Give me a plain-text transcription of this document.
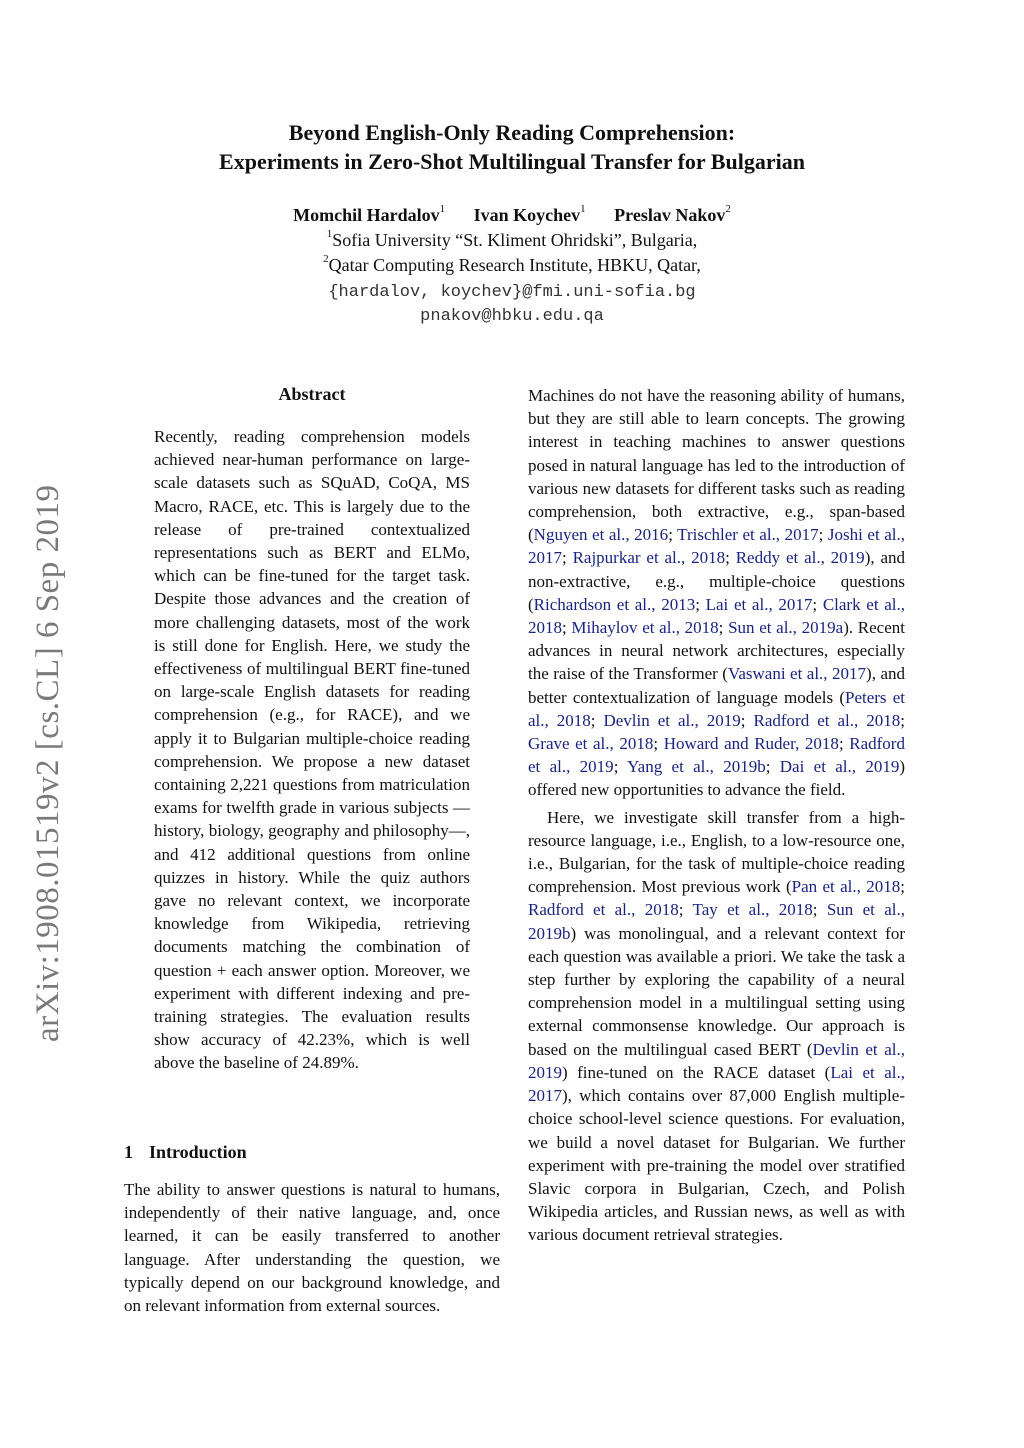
arXiv:1908.01519v2 [cs.CL] 6 Sep 2019
Beyond English-Only Reading Comprehension:
Experiments in Zero-Shot Multilingual Transfer for Bulgarian
Momchil Hardalov$^1$ Ivan Koychev$^1$ Preslav Nakov$^2$
$^1$Sofia University “St. Kliment Ohridski”, Bulgaria,
$^2$Qatar Computing Research Institute, HBKU, Qatar,
{hardalov, koychev}@fmi.uni-sofia.bg
pnakov@hbku.edu.qa
Abstract
Recently, reading comprehension models achieved near-human performance on large-scale datasets such as SQuAD, CoQA, MS Macro, RACE, etc. This is largely due to the release of pre-trained contextualized representations such as BERT and ELMo, which can be fine-tuned for the target task. Despite those advances and the creation of more challenging datasets, most of the work is still done for English. Here, we study the effectiveness of multilingual BERT fine-tuned on large-scale English datasets for reading comprehension (e.g., for RACE), and we apply it to Bulgarian multiple-choice reading comprehension. We propose a new dataset containing 2,221 questions from matriculation exams for twelfth grade in various subjects —history, biology, geography and philosophy—, and 412 additional questions from online quizzes in history. While the quiz authors gave no relevant context, we incorporate knowledge from Wikipedia, retrieving documents matching the combination of question + each answer option. Moreover, we experiment with different indexing and pre-training strategies. The evaluation results show accuracy of 42.23%, which is well above the baseline of 24.89%.
1 Introduction
The ability to answer questions is natural to humans, independently of their native language, and, once learned, it can be easily transferred to another language. After understanding the question, we typically depend on our background knowledge, and on relevant information from external sources.

Machines do not have the reasoning ability of humans, but they are still able to learn concepts. The growing interest in teaching machines to answer questions posed in natural language has led to the introduction of various new datasets for different tasks such as reading comprehension, both extractive, e.g., span-based (Nguyen et al., 2016; Trischler et al., 2017; Joshi et al., 2017; Rajpurkar et al., 2018; Reddy et al., 2019), and non-extractive, e.g., multiple-choice questions (Richardson et al., 2013; Lai et al., 2017; Clark et al., 2018; Mihaylov et al., 2018; Sun et al., 2019a). Recent advances in neural network architectures, especially the raise of the Transformer (Vaswani et al., 2017), and better contextualization of language models (Peters et al., 2018; Devlin et al., 2019; Radford et al., 2018; Grave et al., 2018; Howard and Ruder, 2018; Radford et al., 2019; Yang et al., 2019b; Dai et al., 2019) offered new opportunities to advance the field.

Here, we investigate skill transfer from a high-resource language, i.e., English, to a low-resource one, i.e., Bulgarian, for the task of multiple-choice reading comprehension. Most previous work (Pan et al., 2018; Radford et al., 2018; Tay et al., 2018; Sun et al., 2019b) was monolingual, and a relevant context for each question was available a priori. We take the task a step further by exploring the capability of a neural comprehension model in a multilingual setting using external commonsense knowledge. Our approach is based on the multilingual cased BERT (Devlin et al., 2019) fine-tuned on the RACE dataset (Lai et al., 2017), which contains over 87,000 English multiple-choice school-level science questions. For evaluation, we build a novel dataset for Bulgarian. We further experiment with pre-training the model over stratified Slavic corpora in Bulgarian, Czech, and Polish Wikipedia articles, and Russian news, as well as with various document retrieval strategies.
